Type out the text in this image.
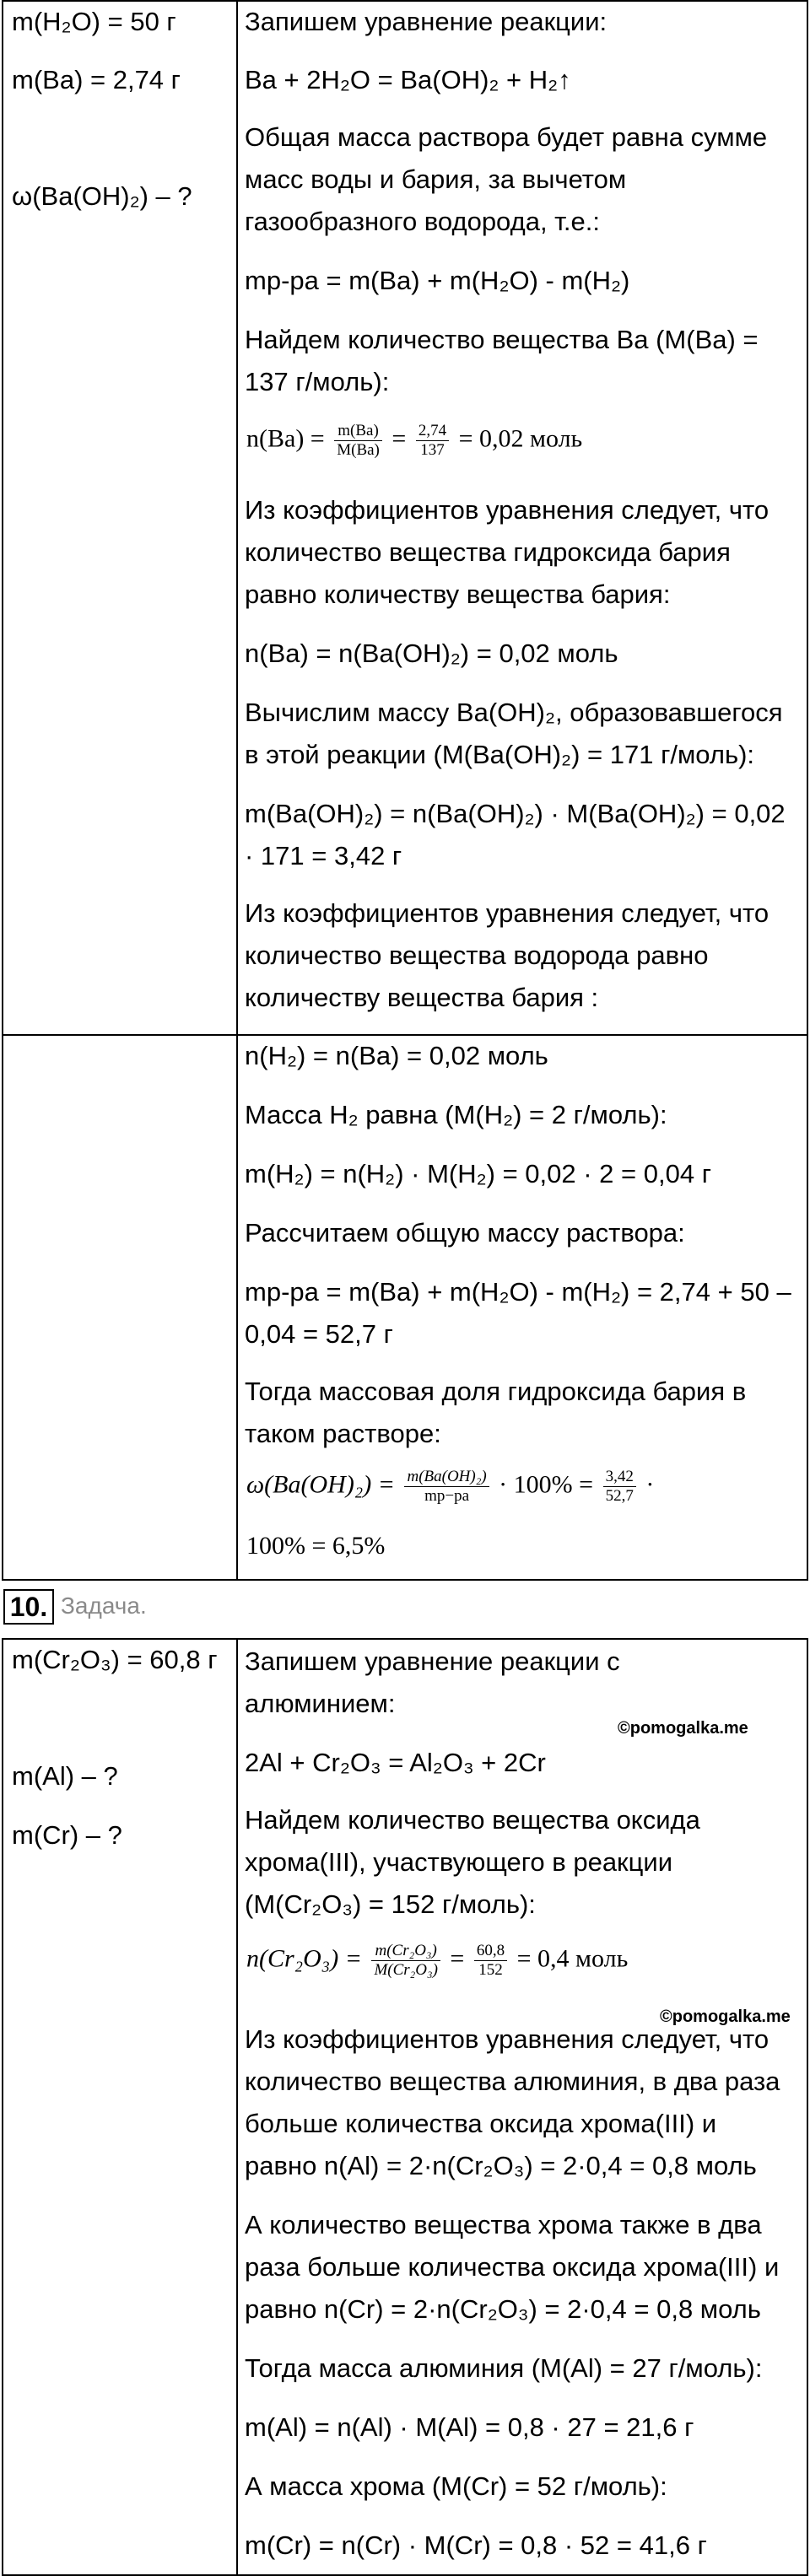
m(H₂O) = 50 г
m(Ba) = 2,74 г
ω(Ba(OH)₂) – ?
Запишем уравнение реакции:
Ba + 2H₂O = Ba(OH)₂ + H₂↑
Общая масса раствора будет равна сумме
масс воды и бария, за вычетом
газообразного водорода, т.е.:
mр-ра = m(Ba) + m(H₂O) - m(H₂)
Найдем количество вещества Ba (M(Ba) =
137 г/моль):
$n(Ba) = \frac{m(Ba)}{M(Ba)} = \frac{2,74}{137} = 0,02$ моль
Из коэффициентов уравнения следует, что
количество вещества гидроксида бария
равно количеству вещества бария:
n(Ba) = n(Ba(OH)₂) = 0,02 моль
Вычислим массу Ba(OH)₂, образовавшегося
в этой реакции (M(Ba(OH)₂) = 171 г/моль):
m(Ba(OH)₂) = n(Ba(OH)₂) · M(Ba(OH)₂) = 0,02
· 171 = 3,42 г
Из коэффициентов уравнения следует, что
количество вещества водорода равно
количеству вещества бария :
n(H₂) = n(Ba) = 0,02 моль
Масса H₂ равна (M(H₂) = 2 г/моль):
m(H₂) = n(H₂) · M(H₂) = 0,02 · 2 = 0,04 г
Рассчитаем общую массу раствора:
mр-ра = m(Ba) + m(H₂O) - m(H₂) = 2,74 + 50 –
0,04 = 52,7 г
Тогда массовая доля гидроксида бария в
таком растворе:
$\omega(Ba(OH)_2) = \frac{\text{m(Ba(OH)₂)}}{mр-ра} \cdot 100\% = \frac{3,42}{52,7}$ ·
100% = 6,5%
10. Задача.
m(Cr₂O₃) = 60,8 г
m(Al) – ?
m(Cr) – ?
Запишем уравнение реакции с
алюминием:
©pomogalka.me
2Al + Cr₂O₃ = Al₂O₃ + 2Cr
Найдем количество вещества оксида
хрома(III), участвующего в реакции
(M(Cr₂O₃) = 152 г/моль):
$n(Cr_2O_3) = \frac{\text{m(Cr₂O₃)}}{\text{M(Cr₂O₃)}} = \frac{60,8}{152} = 0,4$ моль
©pomogalka.me
Из коэффициентов уравнения следует, что
количество вещества алюминия, в два раза
больше количества оксида хрома(III) и
равно n(Al) = 2·n(Cr₂O₃) = 2·0,4 = 0,8 моль
А количество вещества хрома также в два
раза больше количества оксида хрома(III) и
равно n(Cr) = 2·n(Cr₂O₃) = 2·0,4 = 0,8 моль
Тогда масса алюминия (M(Al) = 27 г/моль):
m(Al) = n(Al) · M(Al) = 0,8 · 27 = 21,6 г
А масса хрома (M(Cr) = 52 г/моль):
m(Cr) = n(Cr) · M(Cr) = 0,8 · 52 = 41,6 г
